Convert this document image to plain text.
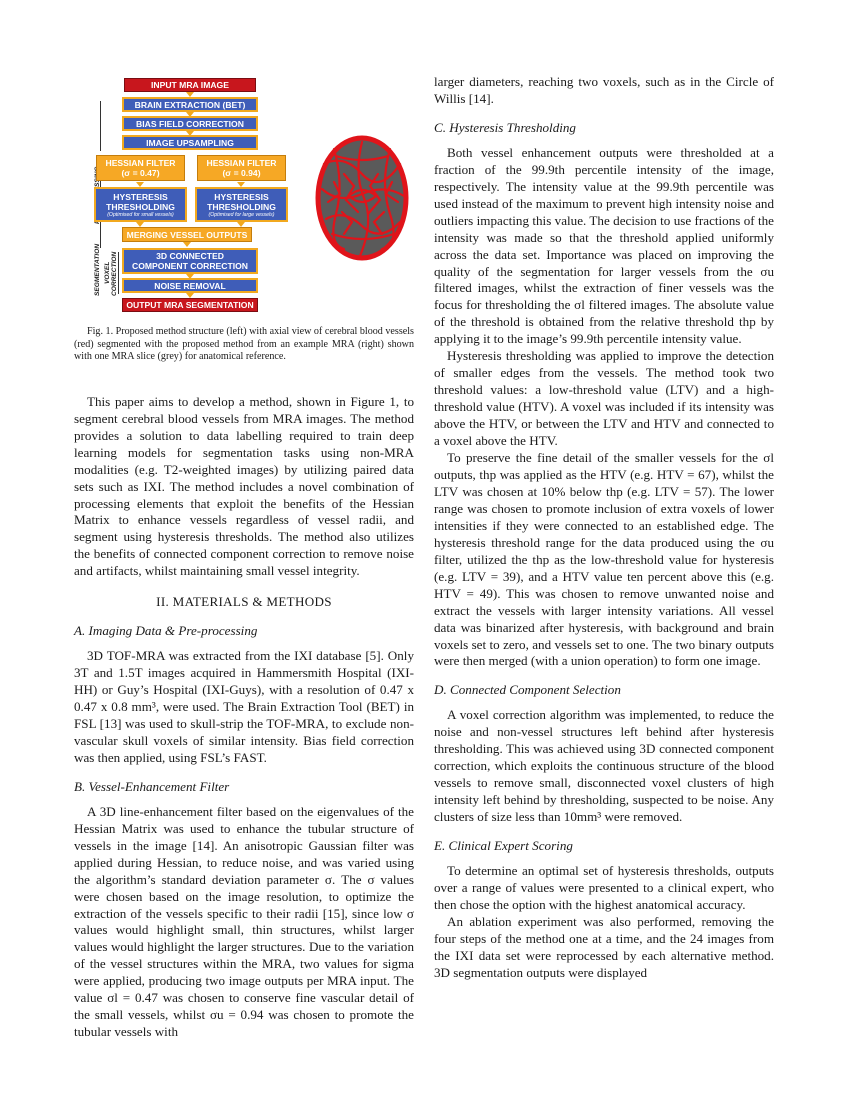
SEGMENTATION VOXEL CORRECTION
INPUT MRA IMAGE
BRAIN EXTRACTION (BET)
BIAS FIELD CORRECTION
IMAGE UPSAMPLING
HESSIAN FILTER
(σ = 0.47)
HESSIAN FILTER
(σ = 0.94)
HYSTERESIS
THRESHOLDING
(Optimised for small vessels)
HYSTERESIS
THRESHOLDING
(Optimised for large vessels)
MERGING VESSEL OUTPUTS
3D CONNECTED
COMPONENT CORRECTION
NOISE REMOVAL
OUTPUT MRA SEGMENTATION

Fig. 1. Proposed method structure (left) with axial view of cerebral blood vessels (red) segmented with the proposed method from an example MRA (right) shown with one MRA slice (grey) for anatomical reference.

This paper aims to develop a method, shown in Figure 1, to segment cerebral blood vessels from MRA images. The method provides a solution to data labelling required to train deep learning models for segmentation tasks using non-MRA modalities (e.g. T2-weighted images) by utilizing paired data sets such as IXI. The method includes a novel combination of processing elements that exploit the benefits of the Hessian Matrix to enhance vessels regardless of vessel radii, and segment using hysteresis thresholds. The method also utilizes the benefits of connected component correction to remove noise and artifacts, whilst maintaining small vessel integrity.

II. MATERIALS & METHODS
A. Imaging Data & Pre-processing

3D TOF-MRA was extracted from the IXI database [5]. Only 3T and 1.5T images acquired in Hammersmith Hospital (IXI-HH) or Guy’s Hospital (IXI-Guys), with a resolution of 0.47 x 0.47 x 0.8 mm³, were used. The Brain Extraction Tool (BET) in FSL [13] was used to skull-strip the TOF-MRA, to exclude non-vascular skull voxels of similar intensity. Bias field correction was then applied, using FSL’s FAST.

B. Vessel-Enhancement Filter

A 3D line-enhancement filter based on the eigenvalues of the Hessian Matrix was used to enhance the tubular structure of vessels in the image [14]. An anisotropic Gaussian filter was applied during Hessian, to reduce noise, and was varied using the algorithm’s standard deviation parameter σ. The σ values were chosen based on the image resolution, to optimize the extraction of the vessels specific to their radii [15], since low σ values would highlight small, thin structures, whilst larger values would highlight the larger structures. Due to the variation of the vessel structures within the MRA, two values for sigma were applied, producing two image outputs per MRA input. The value σl = 0.47 was chosen to conserve fine vascular detail of the small vessels, whilst σu = 0.94 was chosen to promote the tubular vessels with

larger diameters, reaching two voxels, such as in the Circle of Willis [14].

C. Hysteresis Thresholding

Both vessel enhancement outputs were thresholded at a fraction of the 99.9th percentile intensity of the image, respectively. The intensity value at the 99.9th percentile was used instead of the maximum to prevent high intensity noise and outliers impacting this value. The decision to use fractions of the intensity was made so that the threshold applied uniformly across the data set. Importance was placed on improving the quality of the segmentation for larger vessels from the σu filtered images, whilst the extraction of finer vessels was the focus for thresholding the σl filtered images. The absolute value of the threshold is obtained from the relative threshold thp by applying it to the image’s 99.9th percentile intensity value.

Hysteresis thresholding was applied to improve the detection of smaller edges from the vessels. The method took two threshold values: a low-threshold value (LTV) and a high-threshold value (HTV). A voxel was included if its intensity was above the HTV, or between the LTV and HTV and connected to a voxel above the HTV.

To preserve the fine detail of the smaller vessels for the σl outputs, thp was applied as the HTV (e.g. HTV = 67), whilst the LTV was chosen at 10% below thp (e.g. LTV = 57). The lower range was chosen to promote inclusion of extra voxels of lower intensities if they were connected to an established edge. The hysteresis threshold range for the data produced using the σu filter, utilized the thp as the low-threshold value for hysteresis (e.g. LTV = 39), and a HTV value ten percent above this (e.g. HTV = 49). This was chosen to remove unwanted noise and extract the vessels with larger intensity variations. All vessel data was binarized after hysteresis, with background and brain voxels set to zero, and vessels set to one. The two binary outputs were then merged (with a union operation) to form one image.

D. Connected Component Selection

A voxel correction algorithm was implemented, to reduce the noise and non-vessel structures left behind after hysteresis thresholding. This was achieved using 3D connected component correction, which exploits the continuous structure of the blood vessels to remove small, disconnected voxel clusters of high intensity left behind by thresholding, suspected to be noise. Any clusters of size less than 10mm³ were removed.

E. Clinical Expert Scoring

To determine an optimal set of hysteresis thresholds, outputs over a range of values were presented to a clinical expert, who then chose the option with the highest anatomical accuracy.

An ablation experiment was also performed, removing the four steps of the method one at a time, and the 24 images from the IXI data set were reprocessed by each alternative method. 3D segmentation outputs were displayed
